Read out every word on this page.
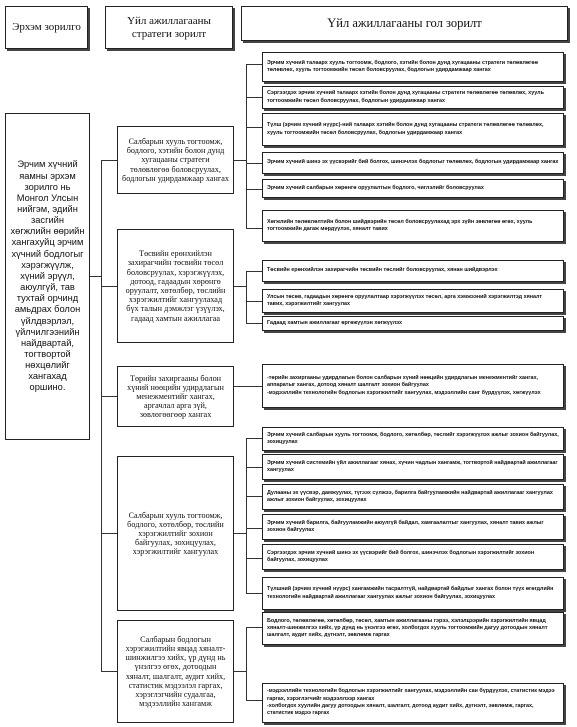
Эрхэм зорилго
Үйл ажиллагааны стратеги зорилт
Үйл ажиллагааны гол зорилт
Эрчим хүчний яамны эрхэм зорилго нь Монгол Улсын нийгэм, эдийн засгийн хөгжлийн өөрийн хангахуйц эрчим хүчний бодлогыг хэрэгжүүлж, хүний эрүүл, аюулгүй, тав тухтай орчинд амьдрах болон үйлдвэрлэл, үйлчилгээнийн найдвартай, тогтвортой нөхцөлийг хангахад оршино.
Салбарын хууль тогтоомж, бодлого, хэтийн болон дунд хугацааны стратеги төлөвлөгөө боловсруулах, бодлогын удирдамжаар хангах
Төсвийн ерөнхийлэн захирагчийн төсвийн төсөл боловсруулах, хэрэгжүүлэх, дотоод, гадаадын хөрөнгө оруулалт, хөтөлбөр, төслийн хэрэгжилтийг хангуулахад бүх талын дэмжлэг үзүүлэх, гадаад хамтын ажиллагаа
Төрийн захиргааны болон хүний нөөцийн удирдлагын менежментийг хангах, аргачлал арга зүй, зөвлөгөөгөөр хангах
Салбарын хууль тогтоомж, бодлого, хөтөлбөр, төслийн хэрэгжилтийг зохион байгуулах, зохицуулах, хэрэгжилтийг хангуулах
Салбарын бодлогын хэрэгжилтийн явцад хяналт-шинжилгээ хийх, үр дүнд нь үнэлгээ өгөх, дотоодын хяналт, шалгалт, аудит хийх, статистик мэдээлэл гаргах, хэрэглэгчийн судалгаа, мэдээллийн хангамж
Эрчим хүчний талаарх хууль тогтоомж, бодлого, хэтийн болон дунд хугацааны стратеги төлөвлөгөө төлөвлөх, хууль тогтоомжийн төсөл боловсруулах, бодлогын удирдамжаар хангах
Сэргээгдэх эрчим хүчний талаарх хэтийн болон дунд хугацааны стратеги төлөвлөгөө төлөвлөх, хууль тогтоомжийн төсөл боловсруулах, бодлогын удирдамжаар хангах
Түлш (эрчим хүчний нүүрс)-ний талаарх хэтийн болон дунд хугацааны стратеги төлөвлөгөө төлөвлөх, хууль тогтоомжийн төсөл боловсруулах, бодлогын удирдамжаар хангах
Эрчим хүчний шинэ эх үүсвэрийг бий болгох, шинэчлэх бодлогыг төлөвлөх, бодлогын удирдамжаар хангах
Эрчим хүчний салбарын хөрөнгө оруулалтын бодлого, чиглэлийг боловсруулах
Хөгжлийн төлөвлөлтийн болон шийдвэрийн төсөл боловсруулахад эрх зүйн зөвлөгөө өгөх, хууль тогтоомжийн дагаж мөрдүүлэх, хяналт тавих
Төсвийн ерөнхийлэн захирагчийн төсвийн төслийг боловсруулах, хянан шийдвэрлэх
Улсын төсөв, гадаадын хөрөнгө оруулалтаар хэрэгжүүлэх төсөл, арга хэмжээний хэрэгжилтэд хяналт тавих, хэрэгжилтийг хангуулах
Гадаад хамтын ажиллагааг өргөжүүлэн хөгжүүлэх
-төрийн захиргааны удирдлагын болон салбарын хүний нөөцийн удирдлагын менежментийг хангах, аппаратыг хангах, дотоод хяналт шалгалт зохион байгуулах
-мэдээллийн технологийн бодлогын хэрэгжилтийг хангуулах, мэдээллийн санг бүрдүүлэх, хөгжүүлэх
Эрчим хүчний салбарын хууль тогтоомж, бодлого, хөтөлбөр, төслийг хэрэгжүүлэх ажлыг зохион байгуулах, зохицуулах
Эрчим хүчний системийн үйл ажиллагааг хянах, хүчин чадлын хангамж, тогтвортой найдвартай ажиллагааг хангуулах
Дулааны эх үүсвэр, дамжуулах, түгээх сүлжээ, барилга байгууламжийн найдвартай ажиллагааг хангуулах ажлыг зохион байгуулах, зохицуулах
Эрчим хүчний барилга, байгууламжийн аюулгүй байдал, хамгаалалтыг хангуулах, хяналт тавих ажлыг зохион байгуулах
Сэргээгдэх эрчим хүчний шинэ эх үүсвэрийг бий болгох, шинэчлэх бодлогын хэрэгжилтийг зохион байгуулах, зохицуулах
Түлшний (эрчим хүчний нүүрс) хангамжийн тасралтгүй, найдвартай байдлыг хангах болон түүх өгөгдлийн технологийн найдвартай ажиллагааг хангуулах ажлыг зохион байгуулах, зохицуулах
Бодлого, төлөвлөгөө, хөтөлбөр, төсөл, хамтын ажиллагааны гэрээ, хэлэлцээрийн хэрэгжилтийн явцад хяналт-шинжилгээ хийх, үр дүнд нь үнэлгээ өгөх, холбогдох хууль тогтоомжийн дагуу дотоодын хяналт шалгалт, аудит хийх, дүгнэлт, зөвлөмж гаргах
-мэдээллийн технологийн бодлогын хэрэгжилтийг хангуулах, мэдээллийн сан бүрдүүлэх, статистик мэдээ гаргах, хэрэглэгчийг мэдээллээр хангах
-холбогдох хуулийн дагуу дотоодын хяналт, шалгалт, дотоод аудит хийх, дүгнэлт, зөвлөмж, гаргах, статистик мэдээ гаргах
